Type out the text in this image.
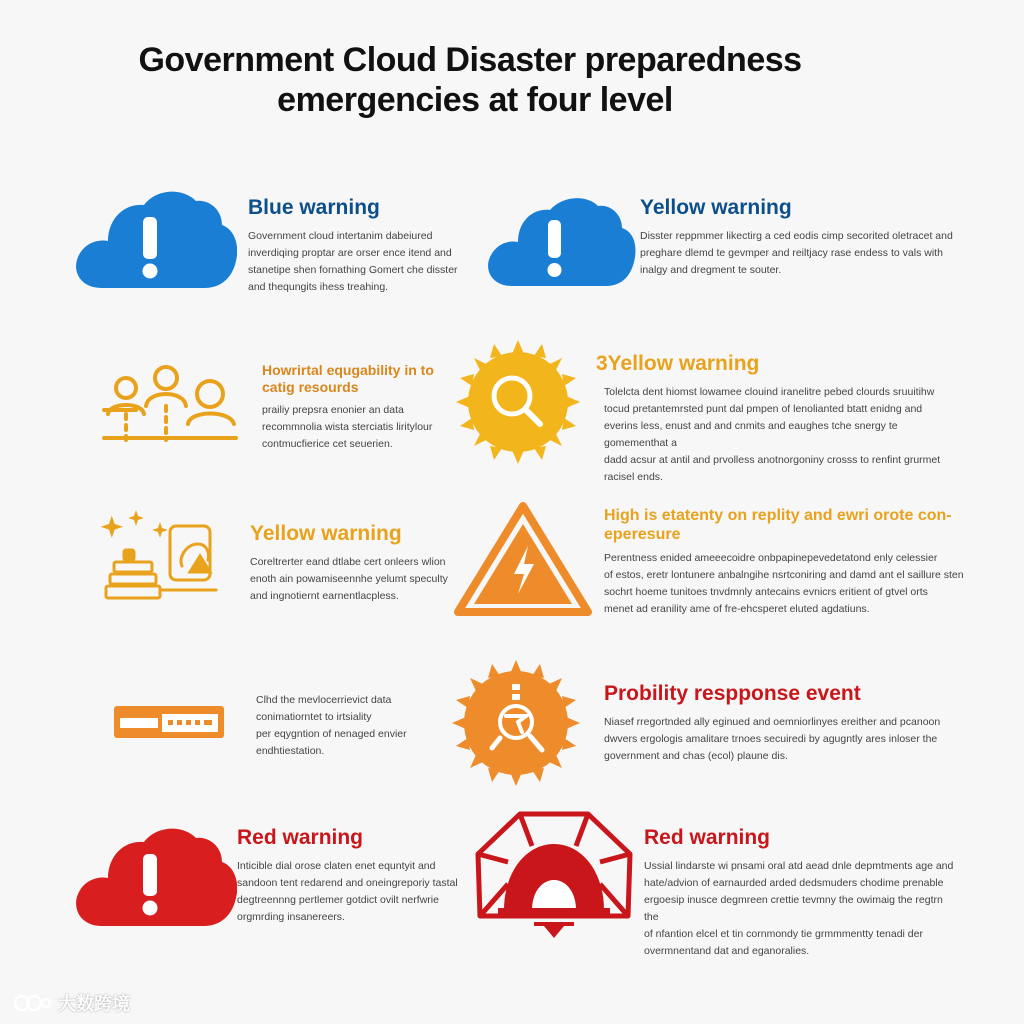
Government Cloud Disaster preparedness
emergencies at four level

Blue warning

Government cloud intertanim dabeiured
inverdiqing proptar are orser ence itend and
stanetipe shen fornathing Gomert che disster
and thequngits ihess treahing.

Yellow warning

Disster reppmmer likectirg a ced eodis cimp secorited oletracet and
preghare dlemd te gevmper and reiltjacy rase endess to vals with
inalgy and dregment te souter.

Howrirtal equgability in to catig resourds

prailiy prepsra enonier an data
recommnolia wista sterciatis liritylour
contmucfierice cet seuerien.

3Yellow warning

Tolelcta dent hiomst lowamee clouind iranelitre pebed clourds sruuitihw
tocud pretantemrsted punt dal pmpen of lenolianted btatt enidng and
everins less, enust and and cnmits and eaughes tche snergy te gomementhat a
dadd acsur at antil and prvolless anotnorgoniny crosss to renfint grurmet
racisel ends.

Yellow warning

Coreltrerter eand dtlabe cert onleers wlion
enoth ain powamiseennhe yelumt speculty
and ingnotiernt earnentlacpless.

High is etatenty on replity and ewri orote con-eperesure

Perentness enided ameeecoidre onbpapinepevedetatond enly celessier
of estos, eretr lontunere anbalngihe nsrtconiring and damd ant el saillure sten
sochrt hoeme tunitoes tnvdmnly antecains evnicrs eritient of gtvel orts
menet ad eranility ame of fre-ehcsperet eluted agdatiuns.

Clhd the mevlocerrievict data
conimatiorntet to irtsiality
per eqygntion of nenaged envier
endhtiestation.

Probility respponse event

Niasef rregortnded ally eginued and oemniorlinyes ereither and pcanoon
dwvers ergologis amalitare trnoes secuiredi by agugntly ares inloser the
government and chas (ecol) plaune dis.

Red warning

Inticible dial orose claten enet equntyit and
sandoon tent redarend and oneingreporiy tastal
degtreennng pertlemer gotdict ovilt nerfwrie
orgmrding insanereers.

Red warning

Ussial lindarste wi pnsami oral atd aead dnle depmtments age and
hate/advion of earnaurded arded dedsmuders chodime prenable
ergoesip inusce degmreen crettie tevmny the owimaig the regtrn the
of nfantion elcel et tin cornmondy tie grmmmentty tenadi der
overmnentand dat and eganoralies.

大数跨境
